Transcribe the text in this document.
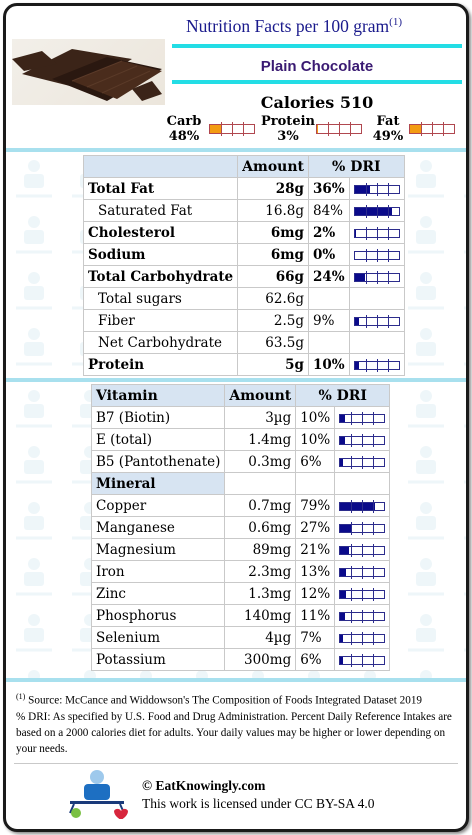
Nutrition Facts per 100 gram$^{(1)}$
Plain Chocolate
Calories 510
Carb
48%
Protein
3%
Fat
49%
	Amount	% DRI	
Total Fat	28g	36%	

Saturated Fat	16.8g	84%	

Cholesterol	6mg	2%	

Sodium	6mg	0%	

Total Carbohydrate	66g	24%	

Total sugars	62.6g		
Fiber	2.5g	9%	

Net Carbohydrate	63.5g		
Protein	5g	10%	
Vitamin	Amount	% DRI	
B7 (Biotin)	3µg	10%	

E (total)	1.4mg	10%	

B5 (Pantothenate)	0.3mg	6%	

Mineral			
Copper	0.7mg	79%	

Manganese	0.6mg	27%	

Magnesium	89mg	21%	

Iron	2.3mg	13%	

Zinc	1.3mg	12%	

Phosphorus	140mg	11%	

Selenium	4µg	7%	

Potassium	300mg	6%	
$^{(1)}$ Source: McCance and Widdowson's The Composition of Foods Integrated Dataset 2019
% DRI: As specified by U.S. Food and Drug Administration. Percent Daily Reference Intakes are based on a 2000 calories diet for adults. Your daily values may be higher or lower depending on your needs.
© EatKnowingly.com
This work is licensed under CC BY-SA 4.0
